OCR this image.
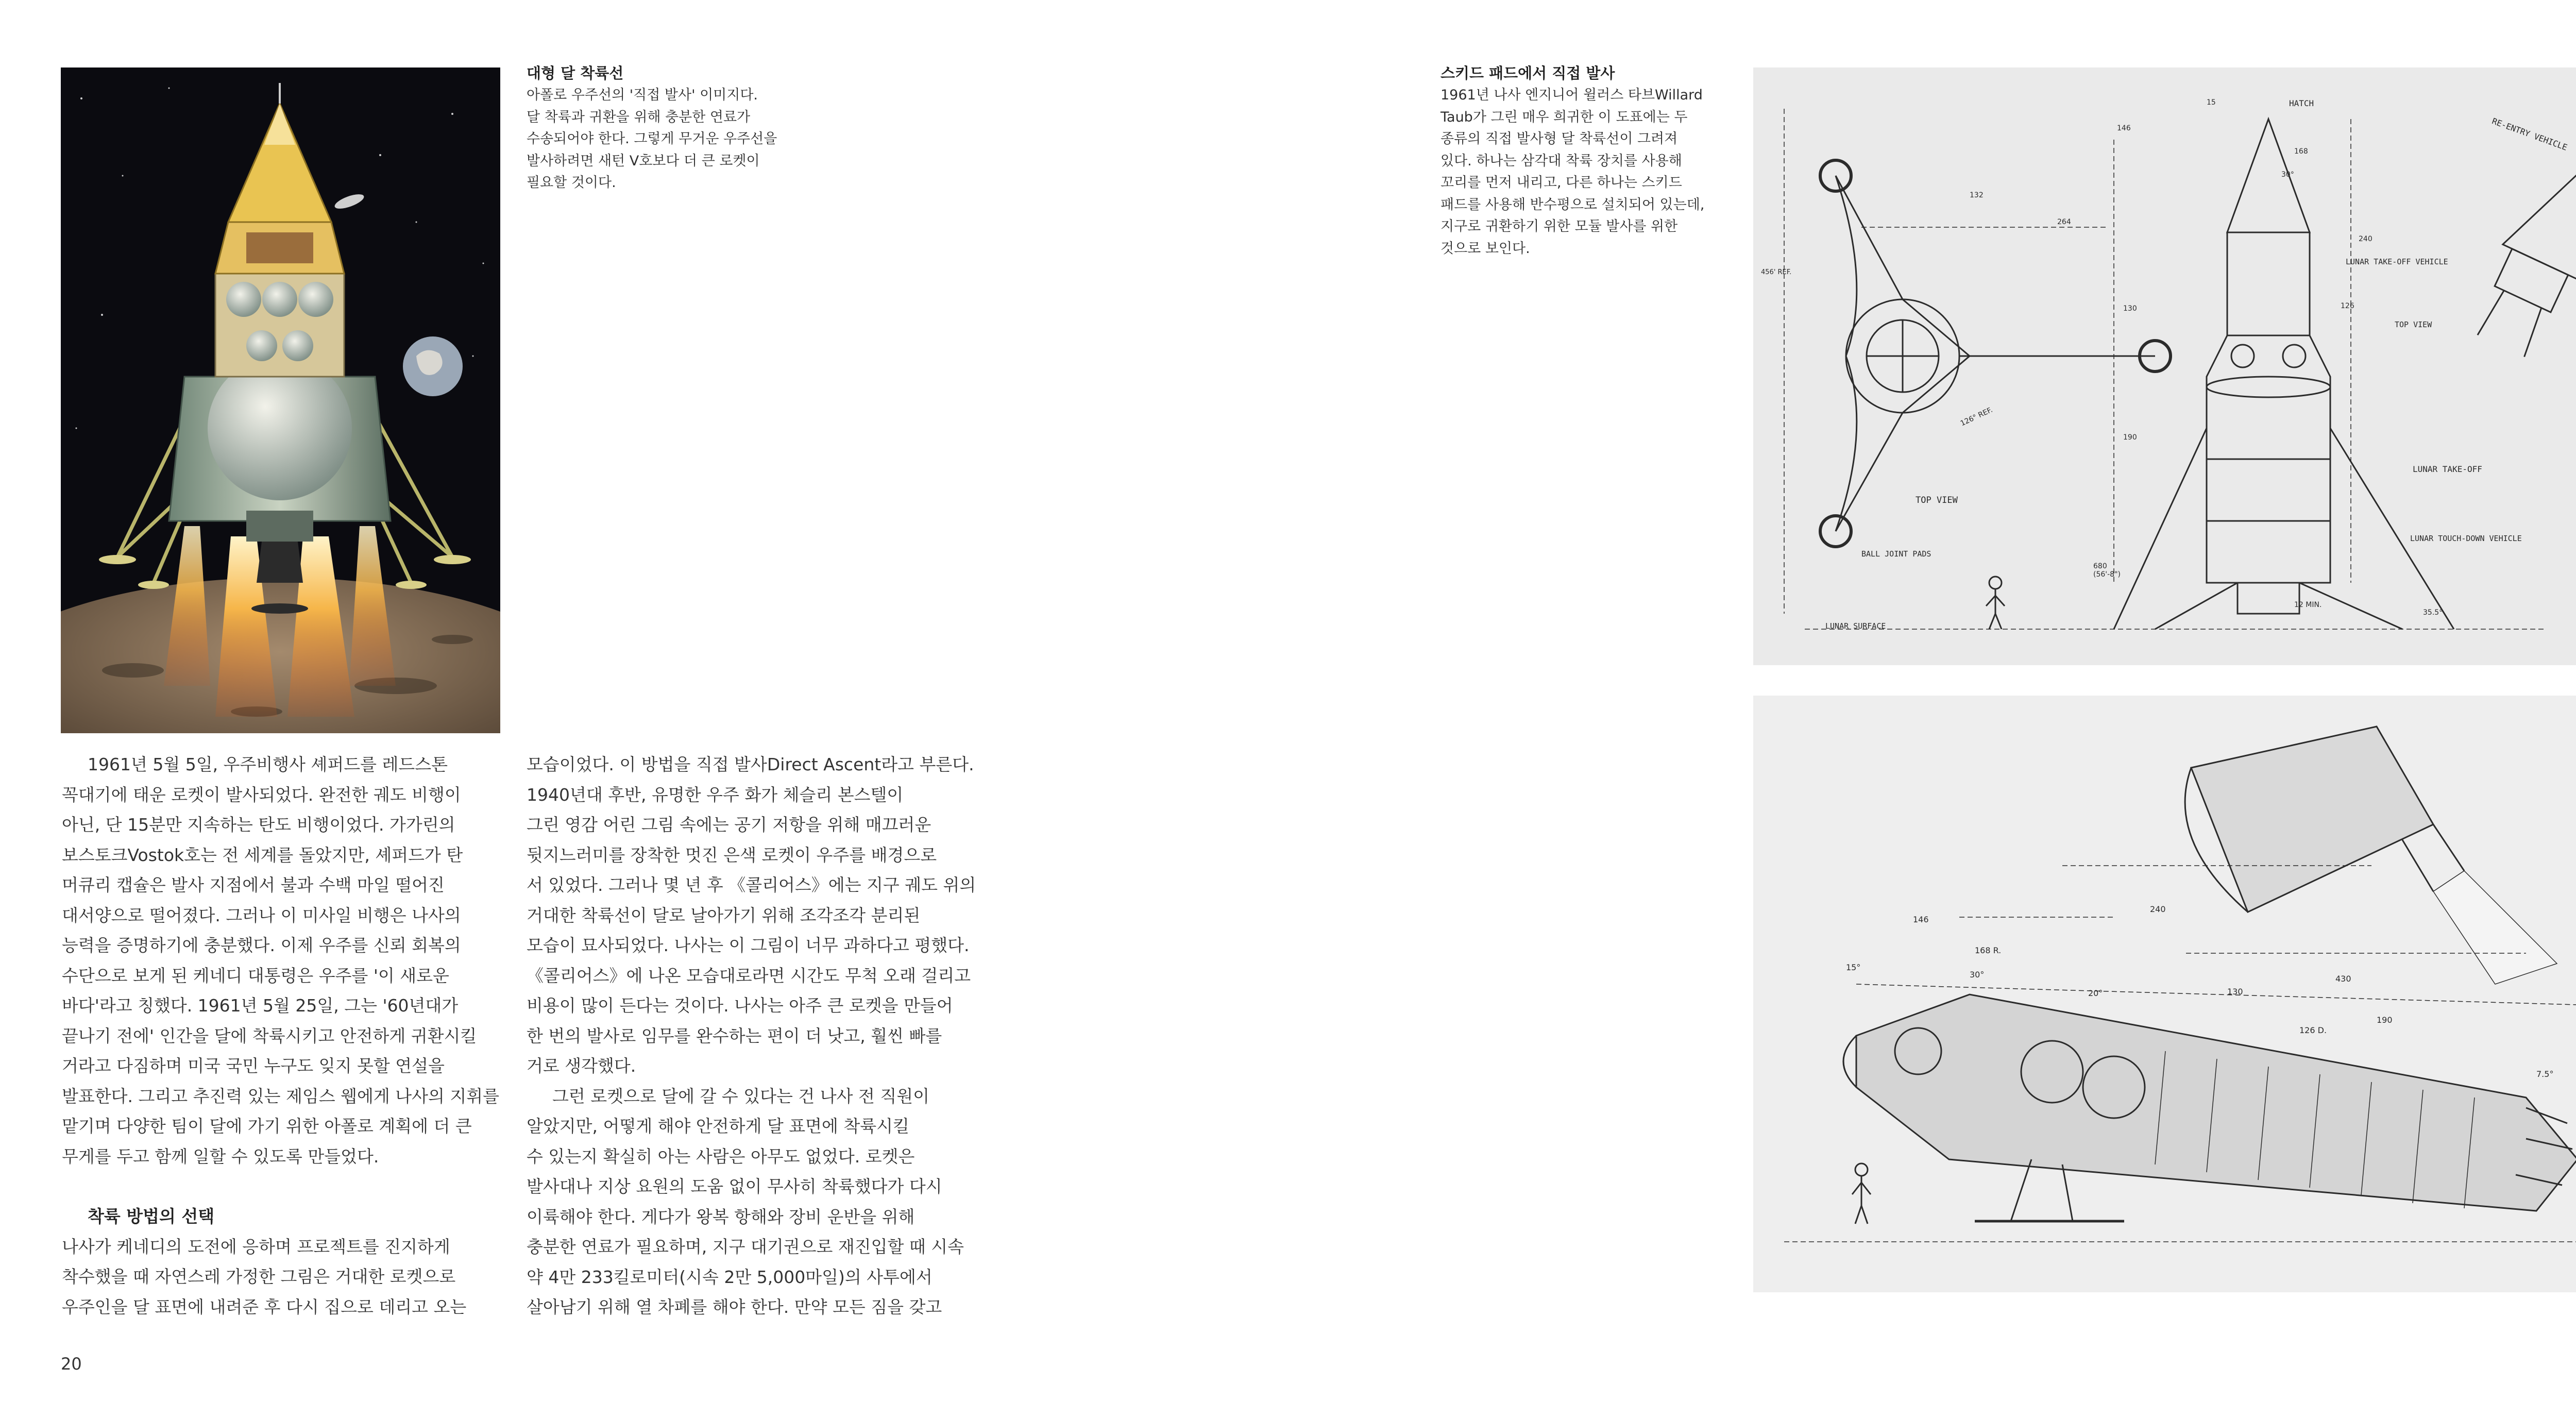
대형 달 착륙선
아폴로 우주선의 '직접 발사' 이미지다.
달 착륙과 귀환을 위해 충분한 연료가
수송되어야 한다. 그렇게 무거운 우주선을
발사하려면 새턴 V호보다 더 큰 로켓이
필요할 것이다.
1961년 5월 5일, 우주비행사 셰퍼드를 레드스톤
꼭대기에 태운 로켓이 발사되었다. 완전한 궤도 비행이
아닌, 단 15분만 지속하는 탄도 비행이었다. 가가린의
보스토크Vostok호는 전 세계를 돌았지만, 셰퍼드가 탄
머큐리 캡슐은 발사 지점에서 불과 수백 마일 떨어진
대서양으로 떨어졌다. 그러나 이 미사일 비행은 나사의
능력을 증명하기에 충분했다. 이제 우주를 신뢰 회복의
수단으로 보게 된 케네디 대통령은 우주를 '이 새로운
바다'라고 칭했다. 1961년 5월 25일, 그는 '60년대가
끝나기 전에' 인간을 달에 착륙시키고 안전하게 귀환시킬
거라고 다짐하며 미국 국민 누구도 잊지 못할 연설을
발표한다. 그리고 추진력 있는 제임스 웹에게 나사의 지휘를
맡기며 다양한 팀이 달에 가기 위한 아폴로 계획에 더 큰
무게를 두고 함께 일할 수 있도록 만들었다.
착륙 방법의 선택
나사가 케네디의 도전에 응하며 프로젝트를 진지하게
착수했을 때 자연스레 가정한 그림은 거대한 로켓으로
우주인을 달 표면에 내려준 후 다시 집으로 데리고 오는
모습이었다. 이 방법을 직접 발사Direct Ascent라고 부른다.
1940년대 후반, 유명한 우주 화가 체슬리 본스텔이
그린 영감 어린 그림 속에는 공기 저항을 위해 매끄러운
뒷지느러미를 장착한 멋진 은색 로켓이 우주를 배경으로
서 있었다. 그러나 몇 년 후 《콜리어스》에는 지구 궤도 위의
거대한 착륙선이 달로 날아가기 위해 조각조각 분리된
모습이 묘사되었다. 나사는 이 그림이 너무 과하다고 평했다.
《콜리어스》에 나온 모습대로라면 시간도 무척 오래 걸리고
비용이 많이 든다는 것이다. 나사는 아주 큰 로켓을 만들어
한 번의 발사로 임무를 완수하는 편이 더 낫고, 훨씬 빠를
거로 생각했다.
그런 로켓으로 달에 갈 수 있다는 건 나사 전 직원이
알았지만, 어떻게 해야 안전하게 달 표면에 착륙시킬
수 있는지 확실히 아는 사람은 아무도 없었다. 로켓은
발사대나 지상 요원의 도움 없이 무사히 착륙했다가 다시
이륙해야 한다. 게다가 왕복 항해와 장비 운반을 위해
충분한 연료가 필요하며, 지구 대기권으로 재진입할 때 시속
약 4만 233킬로미터(시속 2만 5,000마일)의 사투에서
살아남기 위해 열 차폐를 해야 한다. 만약 모든 짐을 갖고
20
스키드 패드에서 직접 발사
1961년 나사 엔지니어 윌러스 타브Willard
Taub가 그린 매우 희귀한 이 도표에는 두
종류의 직접 발사형 달 착륙선이 그려져
있다. 하나는 삼각대 착륙 장치를 사용해
꼬리를 먼저 내리고, 다른 하나는 스키드
패드를 사용해 반수평으로 설치되어 있는데,
지구로 귀환하기 위한 모듈 발사를 위한
것으로 보인다.
HATCH
RE-ENTRY VEHICLE
LUNAR TAKE-OFF VEHICLE
TOP VIEW
TOP VIEW
BALL JOINT PADS
LUNAR TAKE-OFF
LUNAR TOUCH-DOWN VEHICLE
LUNAR SURFACE
15
146
30°
168
132
264
240
130	126
126° REF.
456' REF.
190
680 (56'-8")
12 MIN.
35.5°
240
146
168 R.
30°
20°
15°
130
430
190
126 D.
7.5°
